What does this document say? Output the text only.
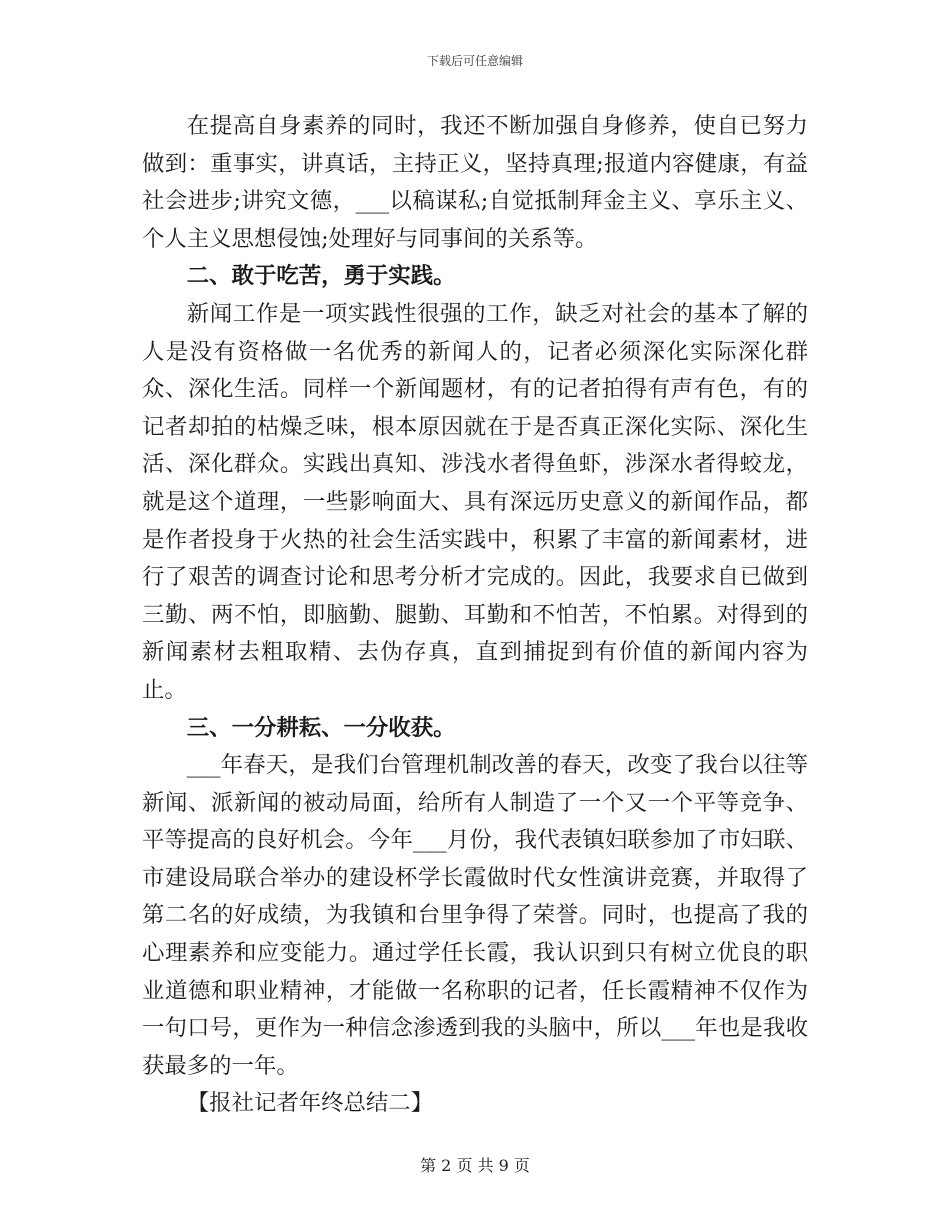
下载后可任意编辑

在提高自身素养的同时，我还不断加强自身修养，使自已努力做到：重事实，讲真话，主持正义，坚持真理;报道内容健康，有益社会进步;讲究文德，___以稿谋私;自觉抵制拜金主义、享乐主义、个人主义思想侵蚀;处理好与同事间的关系等。

二、敢于吃苦，勇于实践。

新闻工作是一项实践性很强的工作，缺乏对社会的基本了解的人是没有资格做一名优秀的新闻人的，记者必须深化实际深化群众、深化生活。同样一个新闻题材，有的记者拍得有声有色，有的记者却拍的枯燥乏味，根本原因就在于是否真正深化实际、深化生活、深化群众。实践出真知、涉浅水者得鱼虾，涉深水者得蛟龙，就是这个道理，一些影响面大、具有深远历史意义的新闻作品，都是作者投身于火热的社会生活实践中，积累了丰富的新闻素材，进行了艰苦的调查讨论和思考分析才完成的。因此，我要求自已做到三勤、两不怕，即脑勤、腿勤、耳勤和不怕苦，不怕累。对得到的新闻素材去粗取精、去伪存真，直到捕捉到有价值的新闻内容为止。

三、一分耕耘、一分收获。

___年春天，是我们台管理机制改善的春天，改变了我台以往等新闻、派新闻的被动局面，给所有人制造了一个又一个平等竞争、平等提高的良好机会。今年___月份，我代表镇妇联参加了市妇联、市建设局联合举办的建设杯学长霞做时代女性演讲竞赛，并取得了第二名的好成绩，为我镇和台里争得了荣誉。同时，也提高了我的心理素养和应变能力。通过学任长霞，我认识到只有树立优良的职业道德和职业精神，才能做一名称职的记者，任长霞精神不仅作为一句口号，更作为一种信念渗透到我的头脑中，所以___年也是我收获最多的一年。

【报社记者年终总结二】

第 2 页 共 9 页
